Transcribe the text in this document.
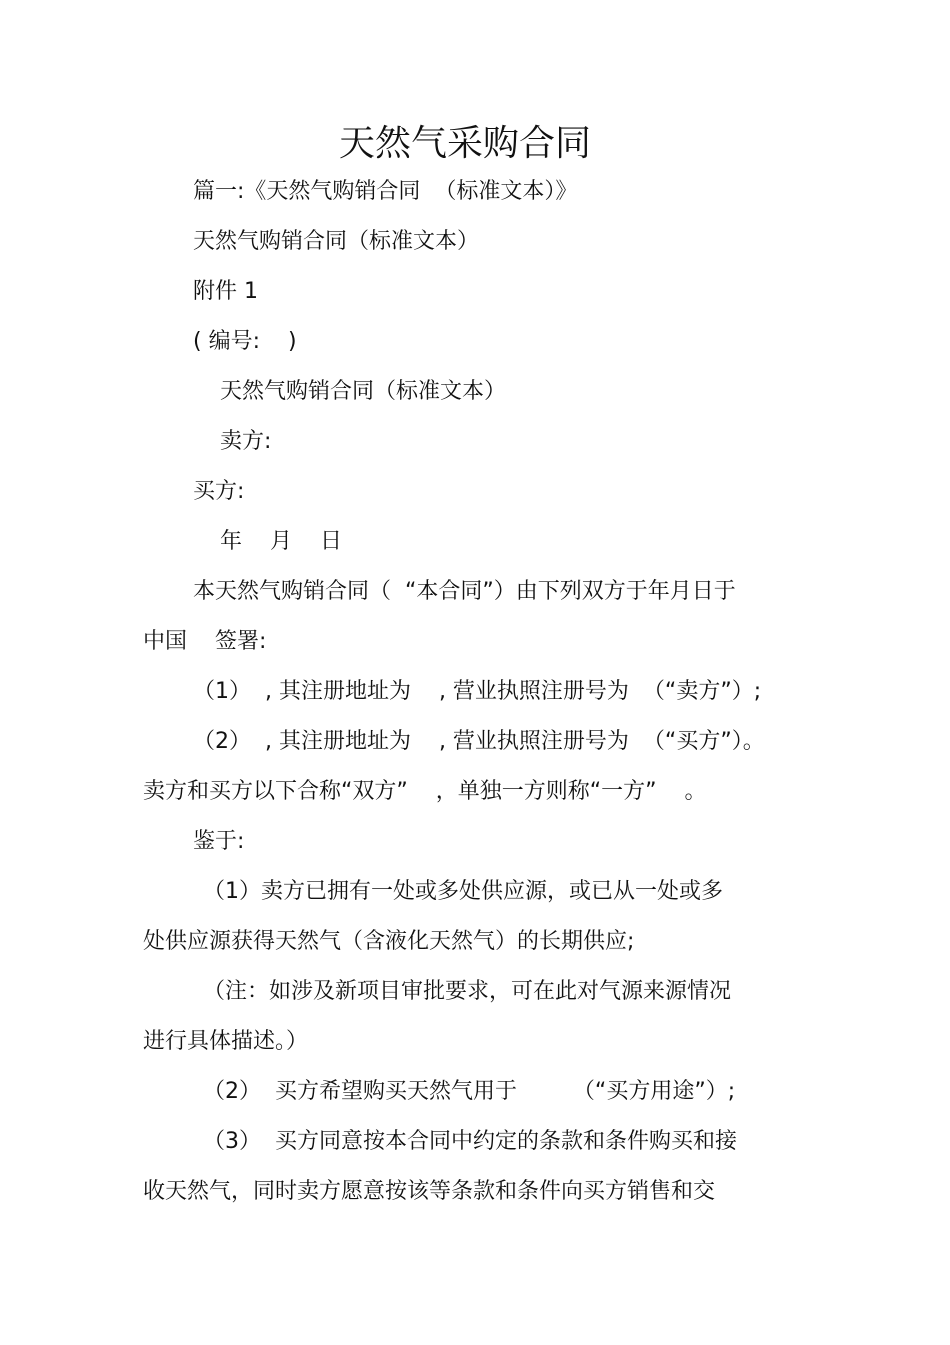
天然气采购合同

篇一:《天然气购销合同  （标准文本）》

天然气购销合同（标准文本）

附件 1

( 编号:    )

天然气购销合同（标准文本）

卖方:

买方:

年    月    日

本天然气购销合同（  “本合同”）由下列双方于年月日于

中国    签署:

（1）  , 其注册地址为    , 营业执照注册号为  （“卖方”）;

（2）  , 其注册地址为    , 营业执照注册号为  （“买方”）。

卖方和买方以下合称“双方”    ，单独一方则称“一方”    。

鉴于:

（1）卖方已拥有一处或多处供应源，或已从一处或多

处供应源获得天然气（含液化天然气）的长期供应;

（注：如涉及新项目审批要求，可在此对气源来源情况

进行具体描述。）

（2）  买方希望购买天然气用于        （“买方用途”）;

（3）  买方同意按本合同中约定的条款和条件购买和接

收天然气，同时卖方愿意按该等条款和条件向买方销售和交
